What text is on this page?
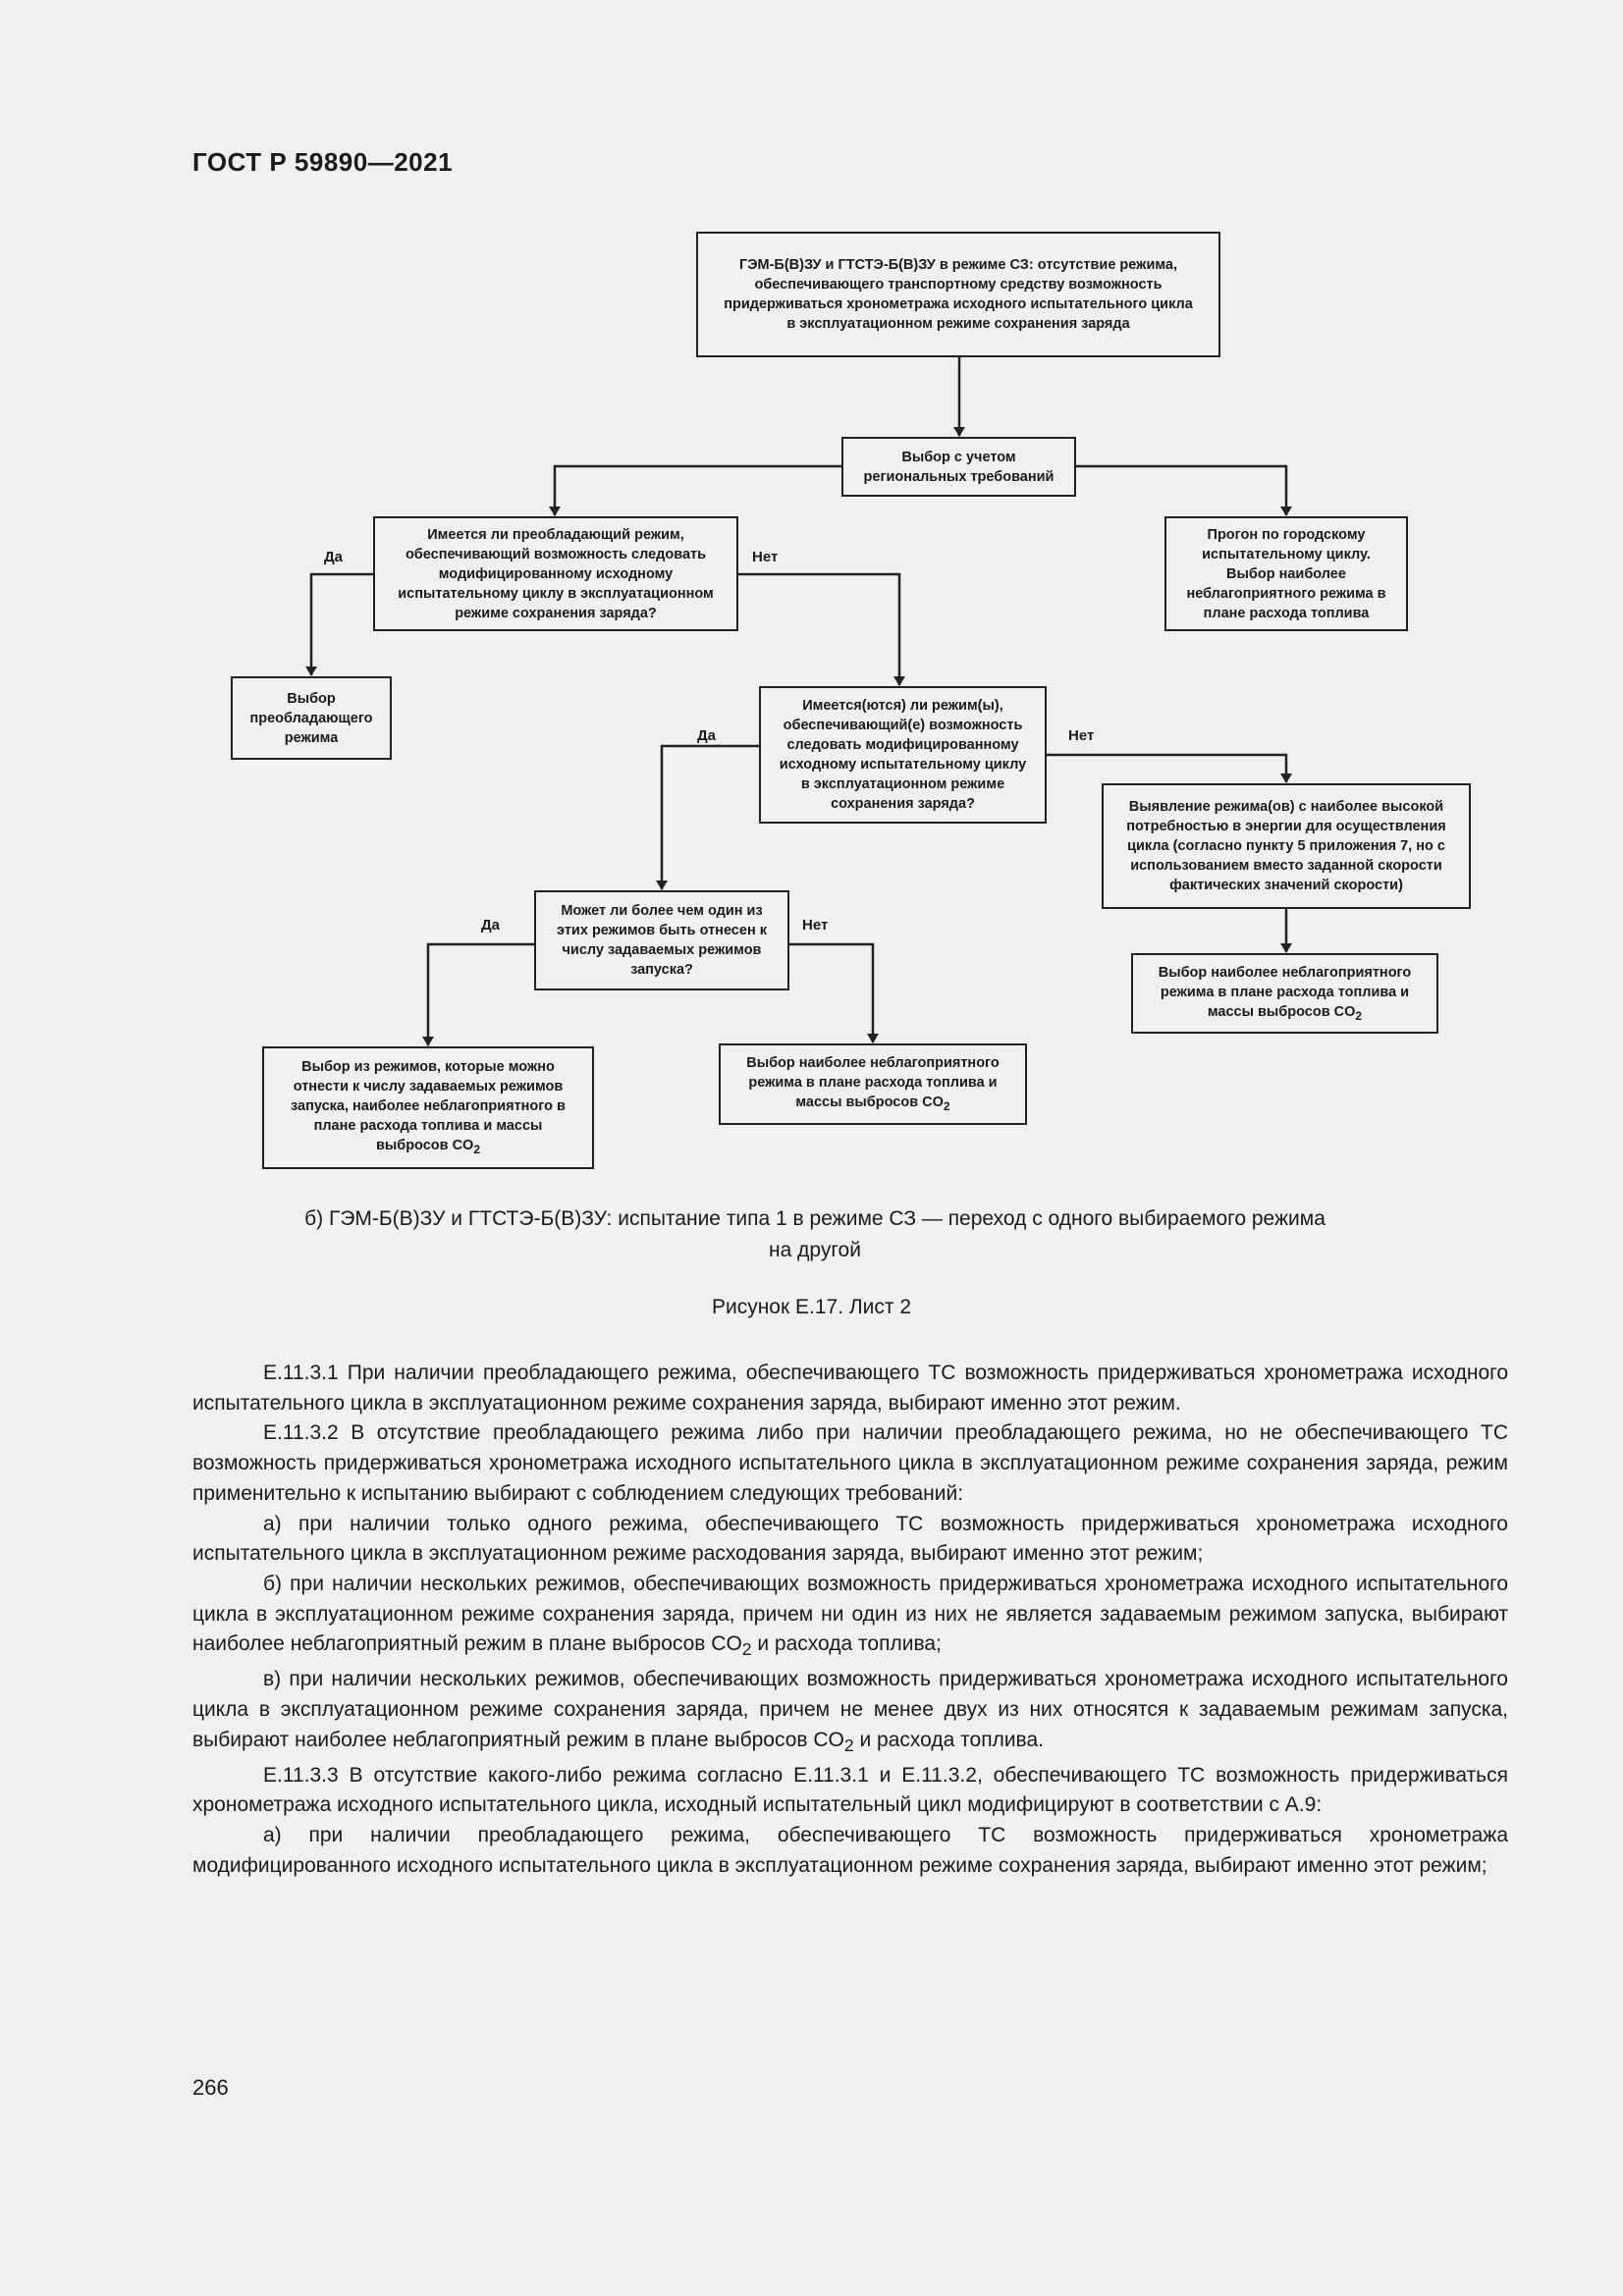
ГОСТ Р 59890—2021
ГЭМ-Б(В)ЗУ и ГТСТЭ-Б(В)ЗУ в режиме СЗ: отсутствие режима, обеспечивающего транспортному средству возможность придерживаться хронометража исходного испытательного цикла в эксплуатационном режиме сохранения заряда
Выбор с учетом региональных требований
Имеется ли преобладающий режим, обеспечивающий возможность следовать модифицированному исходному испытательному циклу в эксплуатационном режиме сохранения заряда?
Прогон по городскому испытательному циклу. Выбор наиболее неблагоприятного режима в плане расхода топлива
Выбор преобладающего режима
Имеется(ются) ли режим(ы), обеспечивающий(е) возможность следовать модифицированному исходному испытательному циклу в эксплуатационном режиме сохранения заряда?	Выявление режима(ов) с наиболее высокой потребностью в энергии для осуществления цикла (согласно пункту 5 приложения 7, но с использованием вместо заданной скорости фактических значений скорости)
Может ли более чем один из этих режимов быть отнесен к числу задаваемых режимов запуска?	Выбор наиболее неблагоприятного режима в плане расхода топлива и массы выбросов $CO_2$
Выбор из режимов, которые можно отнести к числу задаваемых режимов запуска, наиболее неблагоприятного в плане расхода топлива и массы выбросов $CO_2$
Выбор наиболее неблагоприятного режима в плане расхода топлива и массы выбросов $CO_2$
Да	Нет
Да	Нет
Да	Нет
б) ГЭМ-Б(В)ЗУ и ГТСТЭ-Б(В)ЗУ: испытание типа 1 в режиме СЗ — переход с одного выбираемого режима
на другой
Рисунок Е.17. Лист 2

Е.11.3.1 При наличии преобладающего режима, обеспечивающего ТС возможность придерживаться хронометража исходного испытательного цикла в эксплуатационном режиме сохранения заряда, выбирают именно этот режим.

Е.11.3.2 В отсутствие преобладающего режима либо при наличии преобладающего режима, но не обеспечивающего ТС возможность придерживаться хронометража исходного испытательного цикла в эксплуатационном режиме сохранения заряда, режим применительно к испытанию выбирают с соблюдением следующих требований:

а) при наличии только одного режима, обеспечивающего ТС возможность придерживаться хронометража исходного испытательного цикла в эксплуатационном режиме расходования заряда, выбирают именно этот режим;

б) при наличии нескольких режимов, обеспечивающих возможность придерживаться хронометража исходного испытательного цикла в эксплуатационном режиме сохранения заряда, причем ни один из них не является задаваемым режимом запуска, выбирают наиболее неблагоприятный режим в плане выбросов $CO_2$ и расхода топлива;

в) при наличии нескольких режимов, обеспечивающих возможность придерживаться хронометража исходного испытательного цикла в эксплуатационном режиме сохранения заряда, причем не менее двух из них относятся к задаваемым режимам запуска, выбирают наиболее неблагоприятный режим в плане выбросов $CO_2$ и расхода топлива.

Е.11.3.3 В отсутствие какого-либо режима согласно Е.11.3.1 и Е.11.3.2, обеспечивающего ТС возможность придерживаться хронометража исходного испытательного цикла, исходный испытательный цикл модифицируют в соответствии с А.9:

а) при наличии преобладающего режима, обеспечивающего ТС возможность придерживаться хронометража модифицированного исходного испытательного цикла в эксплуатационном режиме сохранения заряда, выбирают именно этот режим;

266
